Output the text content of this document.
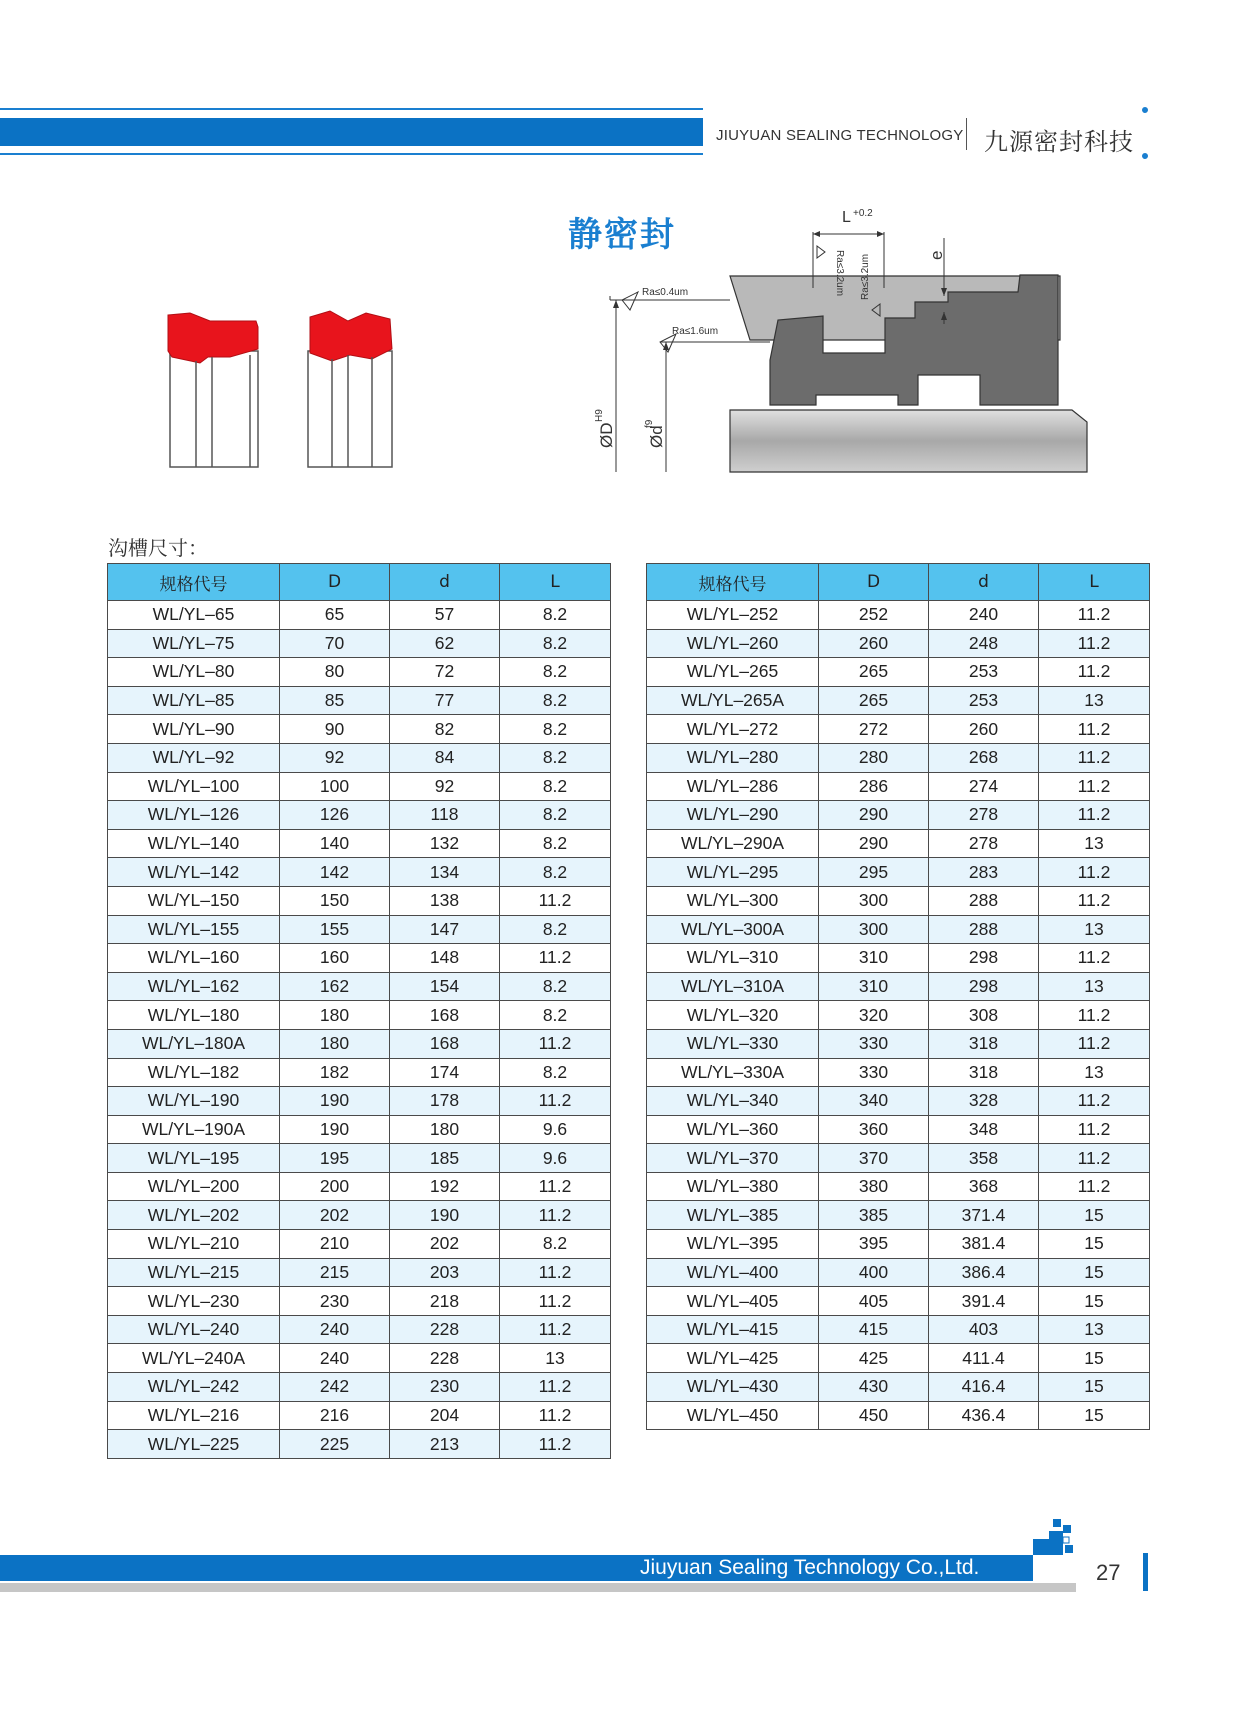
JIUYUAN SEALING TECHNOLOGY 九源密封科技
静密封	L +0.2
Ra≤3.2um Ra≤3.2um	e
Ra≤0.4um
Ra≤1.6um
ØD
H9
Ød
f9
沟槽尺寸：
规格代号	D	d	L
WL/YL–65	65	57	8.2
WL/YL–75	70	62	8.2
WL/YL–80	80	72	8.2
WL/YL–85	85	77	8.2
WL/YL–90	90	82	8.2
WL/YL–92	92	84	8.2
WL/YL–100	100	92	8.2
WL/YL–126	126	118	8.2
WL/YL–140	140	132	8.2
WL/YL–142	142	134	8.2
WL/YL–150	150	138	11.2
WL/YL–155	155	147	8.2
WL/YL–160	160	148	11.2
WL/YL–162	162	154	8.2
WL/YL–180	180	168	8.2
WL/YL–180A	180	168	11.2
WL/YL–182	182	174	8.2
WL/YL–190	190	178	11.2
WL/YL–190A	190	180	9.6
WL/YL–195	195	185	9.6
WL/YL–200	200	192	11.2
WL/YL–202	202	190	11.2
WL/YL–210	210	202	8.2
WL/YL–215	215	203	11.2
WL/YL–230	230	218	11.2
WL/YL–240	240	228	11.2
WL/YL–240A	240	228	13
WL/YL–242	242	230	11.2
WL/YL–216	216	204	11.2
WL/YL–225	225	213	11.2
规格代号	D	d	L
WL/YL–252	252	240	11.2
WL/YL–260	260	248	11.2
WL/YL–265	265	253	11.2
WL/YL–265A	265	253	13
WL/YL–272	272	260	11.2
WL/YL–280	280	268	11.2
WL/YL–286	286	274	11.2
WL/YL–290	290	278	11.2
WL/YL–290A	290	278	13
WL/YL–295	295	283	11.2
WL/YL–300	300	288	11.2
WL/YL–300A	300	288	13
WL/YL–310	310	298	11.2
WL/YL–310A	310	298	13
WL/YL–320	320	308	11.2
WL/YL–330	330	318	11.2
WL/YL–330A	330	318	13
WL/YL–340	340	328	11.2
WL/YL–360	360	348	11.2
WL/YL–370	370	358	11.2
WL/YL–380	380	368	11.2
WL/YL–385	385	371.4	15
WL/YL–395	395	381.4	15
WL/YL–400	400	386.4	15
WL/YL–405	405	391.4	15
WL/YL–415	415	403	13
WL/YL–425	425	411.4	15
WL/YL–430	430	416.4	15
WL/YL–450	450	436.4	15
Jiuyuan Sealing Technology Co.,Ltd.	27
